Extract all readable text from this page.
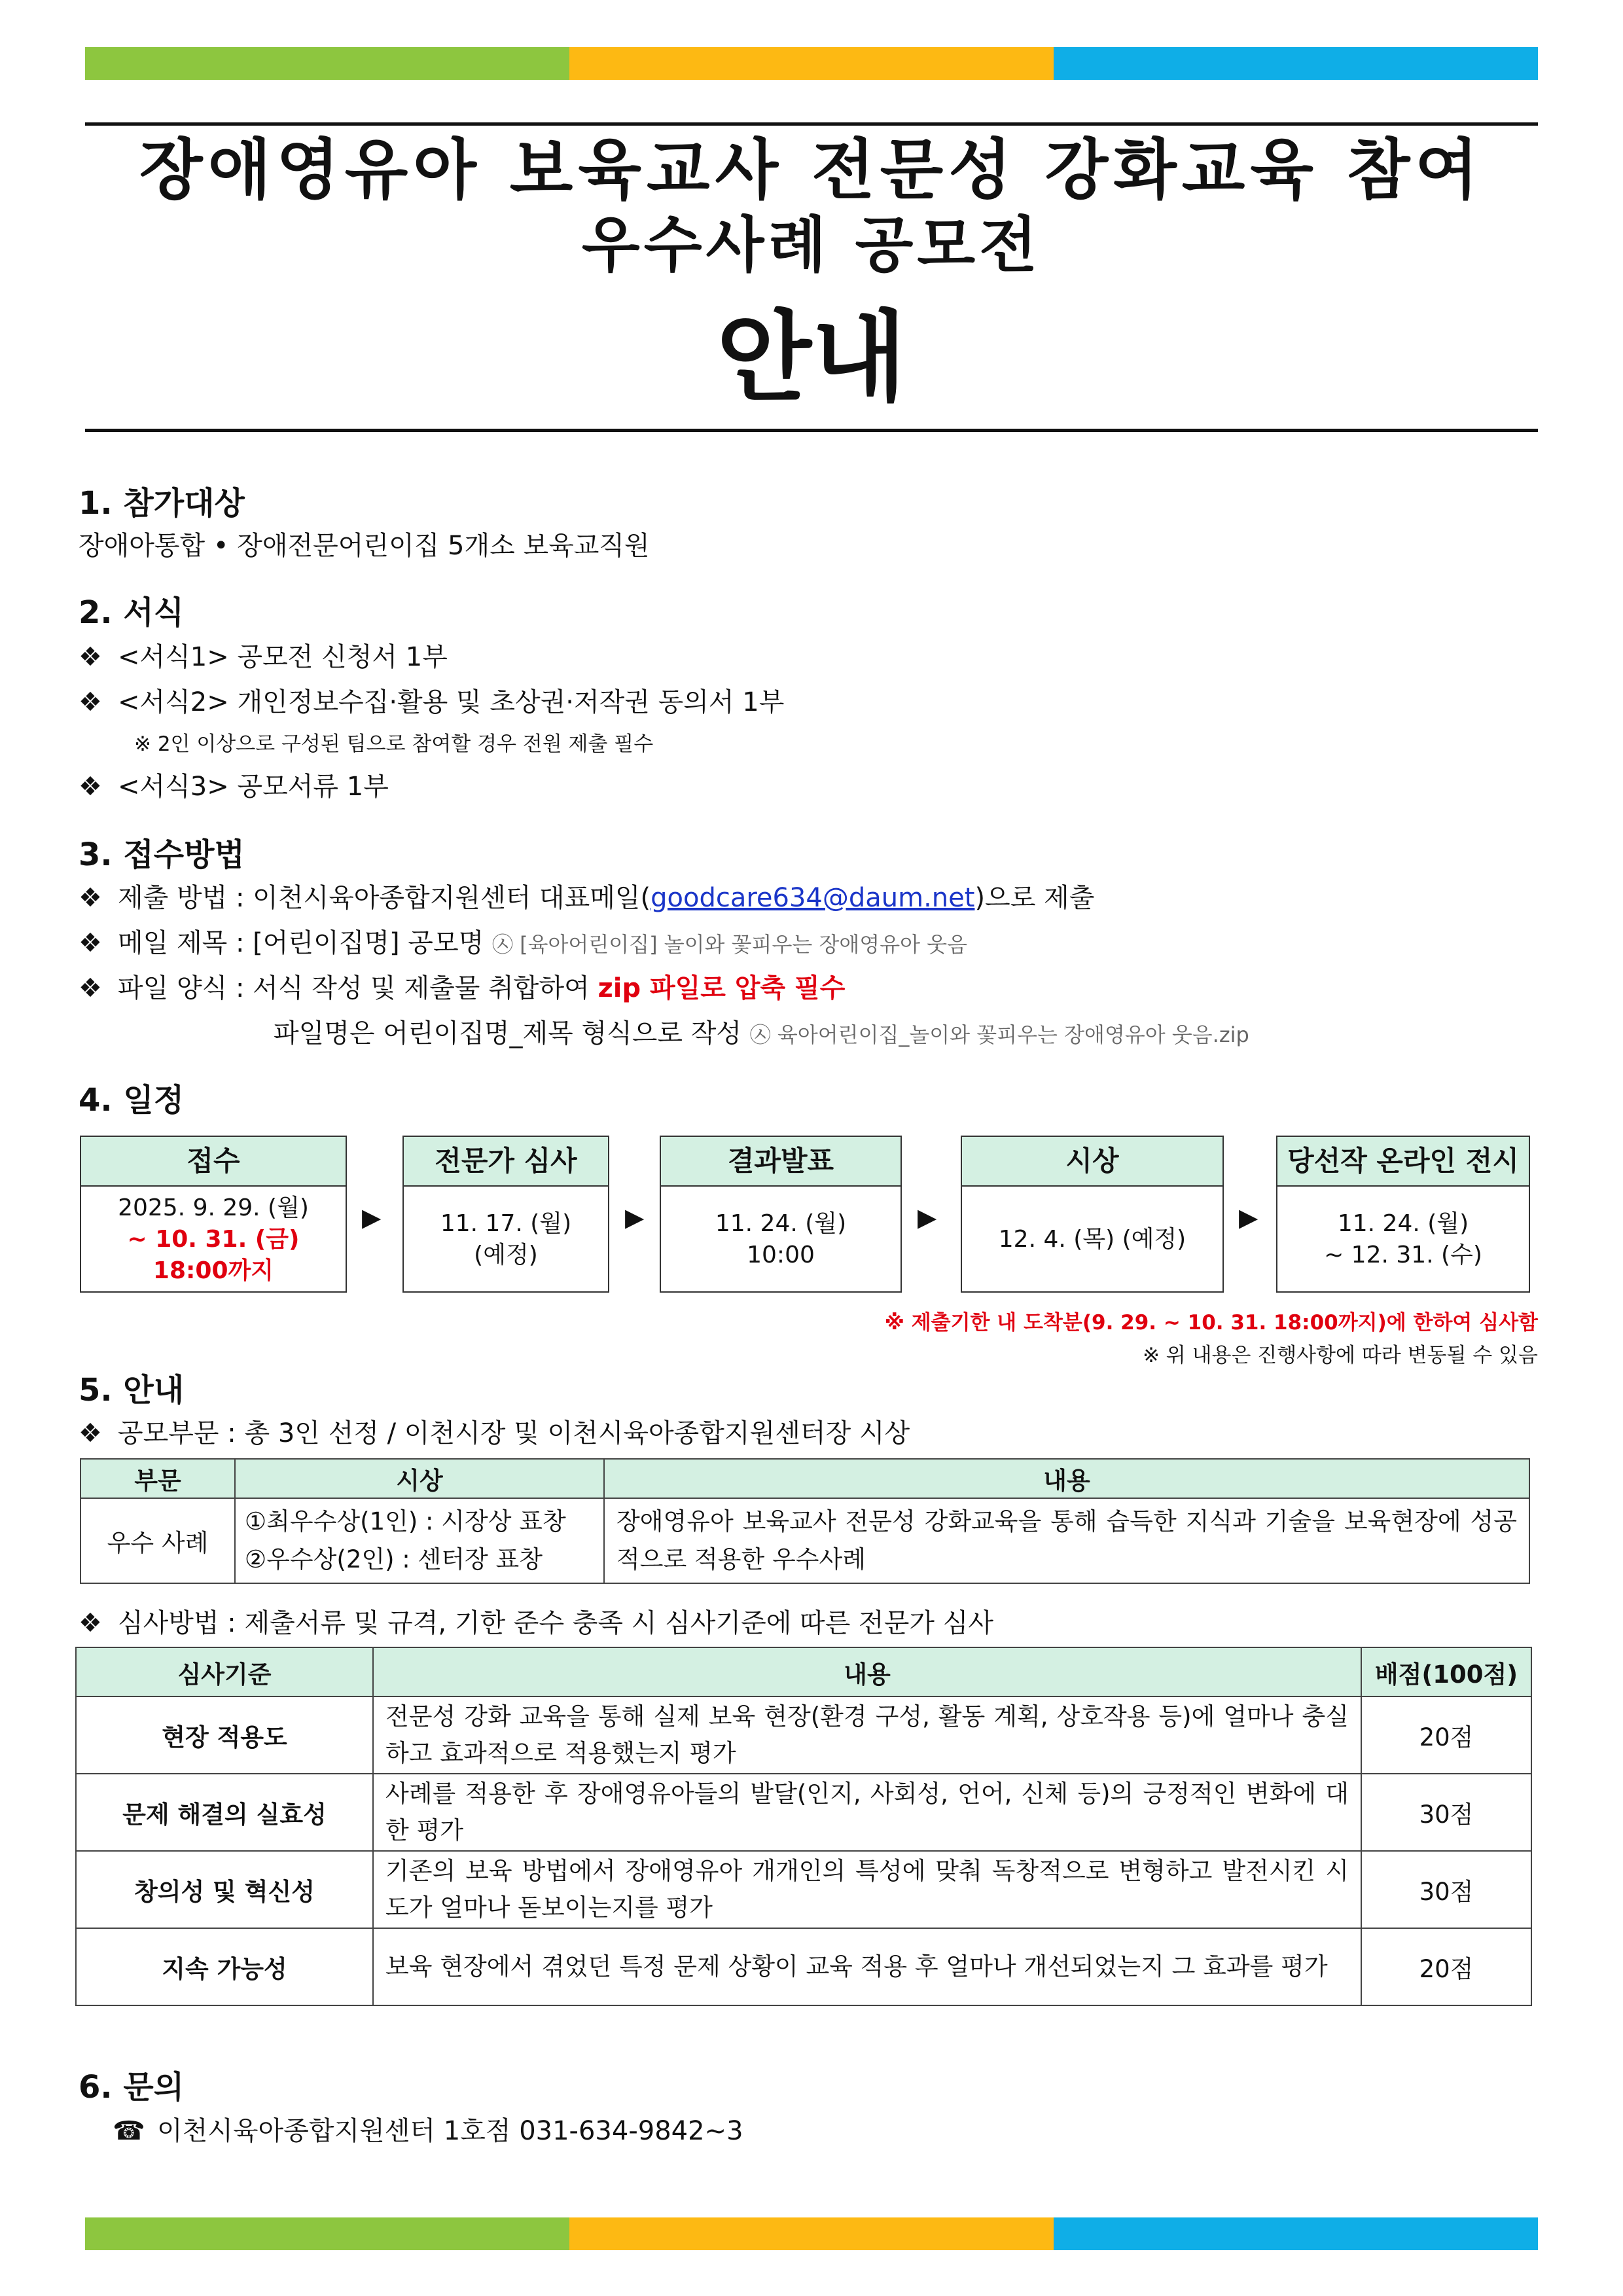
장애영유아 보육교사 전문성 강화교육 참여
우수사례 공모전
안내
1. 참가대상
장애아통합 • 장애전문어린이집 5개소 보육교직원
2. 서식
❖ <서식1> 공모전 신청서 1부
❖ <서식2> 개인정보수집·활용 및 초상권·저작권 동의서 1부
※ 2인 이상으로 구성된 팀으로 참여할 경우 전원 제출 필수
❖ <서식3> 공모서류 1부
3. 접수방법
❖ 제출 방법 : 이천시육아종합지원센터 대표메일(goodcare634@daum.net)으로 제출
❖ 메일 제목 : [어린이집명] 공모명 ㉦ [육아어린이집] 놀이와 꽃피우는 장애영유아 웃음
❖ 파일 양식 : 서식 작성 및 제출물 취합하여 zip 파일로 압축 필수
파일명은 어린이집명_제목 형식으로 작성 ㉦ 육아어린이집_놀이와 꽃피우는 장애영유아 웃음.zip
4. 일정
접수
2025. 9. 29. (월)
~ 10. 31. (금)
18:00까지
▶
전문가 심사
11. 17. (월)
(예정)
▶
결과발표
11. 24. (월)
10:00
▶
시상
12. 4. (목) (예정)
▶
당선작 온라인 전시
11. 24. (월)
~ 12. 31. (수)
※ 제출기한 내 도착분(9. 29. ~ 10. 31. 18:00까지)에 한하여 심사함
※ 위 내용은 진행사항에 따라 변동될 수 있음
5. 안내
❖ 공모부문 : 총 3인 선정 / 이천시장 및 이천시육아종합지원센터장 시상
부문	시상	내용
우수 사례	①최우수상(1인) : 시장상 표창
②우수상(2인) : 센터장 표창	장애영유아 보육교사 전문성 강화교육을 통해 습득한 지식과 기술을 보육현장에 성공적으로 적용한 우수사례
❖ 심사방법 : 제출서류 및 규격, 기한 준수 충족 시 심사기준에 따른 전문가 심사
심사기준	내용	배점(100점)
현장 적용도	전문성 강화 교육을 통해 실제 보육 현장(환경 구성, 활동 계획, 상호작용 등)에 얼마나 충실하고 효과적으로 적용했는지 평가	20점
문제 해결의 실효성	사례를 적용한 후 장애영유아들의 발달(인지, 사회성, 언어, 신체 등)의 긍정적인 변화에 대한 평가	30점
창의성 및 혁신성	기존의 보육 방법에서 장애영유아 개개인의 특성에 맞춰 독창적으로 변형하고 발전시킨 시도가 얼마나 돋보이는지를 평가	30점
지속 가능성	보육 현장에서 겪었던 특정 문제 상황이 교육 적용 후 얼마나 개선되었는지 그 효과를 평가	20점
6. 문의
☎ 이천시육아종합지원센터 1호점 031-634-9842~3
